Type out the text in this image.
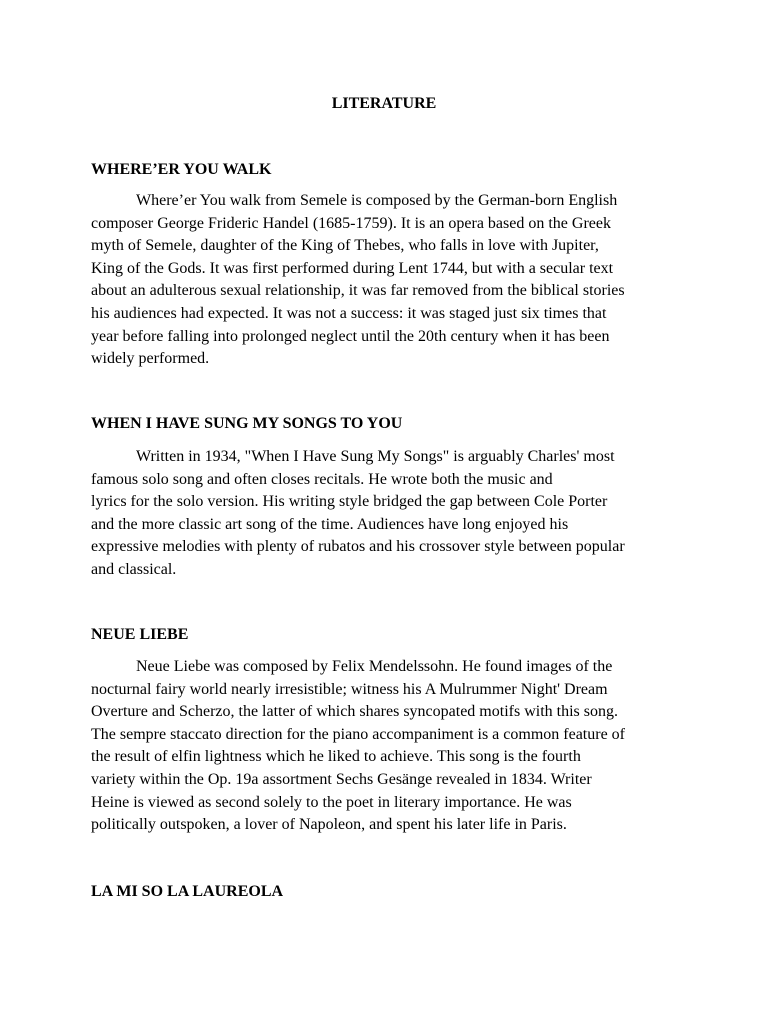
LITERATURE
WHERE’ER YOU WALK
Where’er You walk from Semele is composed by the German-born English
composer George Frideric Handel (1685-1759). It is an opera based on the Greek
myth of Semele, daughter of the King of Thebes, who falls in love with Jupiter,
King of the Gods. It was first performed during Lent 1744, but with a secular text
about an adulterous sexual relationship, it was far removed from the biblical stories
his audiences had expected. It was not a success: it was staged just six times that
year before falling into prolonged neglect until the 20th century when it has been
widely performed.
WHEN I HAVE SUNG MY SONGS TO YOU
Written in 1934, "When I Have Sung My Songs" is arguably Charles' most
famous solo song and often closes recitals. He wrote both the music and
lyrics for the solo version. His writing style bridged the gap between Cole Porter
and the more classic art song of the time. Audiences have long enjoyed his
expressive melodies with plenty of rubatos and his crossover style between popular
and classical.
NEUE LIEBE
Neue Liebe was composed by Felix Mendelssohn. He found images of the
nocturnal fairy world nearly irresistible; witness his A Mulrummer Night' Dream
Overture and Scherzo, the latter of which shares syncopated motifs with this song.
The sempre staccato direction for the piano accompaniment is a common feature of
the result of elfin lightness which he liked to achieve. This song is the fourth
variety within the Op. 19a assortment Sechs Gesänge revealed in 1834. Writer
Heine is viewed as second solely to the poet in literary importance. He was
politically outspoken, a lover of Napoleon, and spent his later life in Paris.
LA MI SO LA LAUREOLA
